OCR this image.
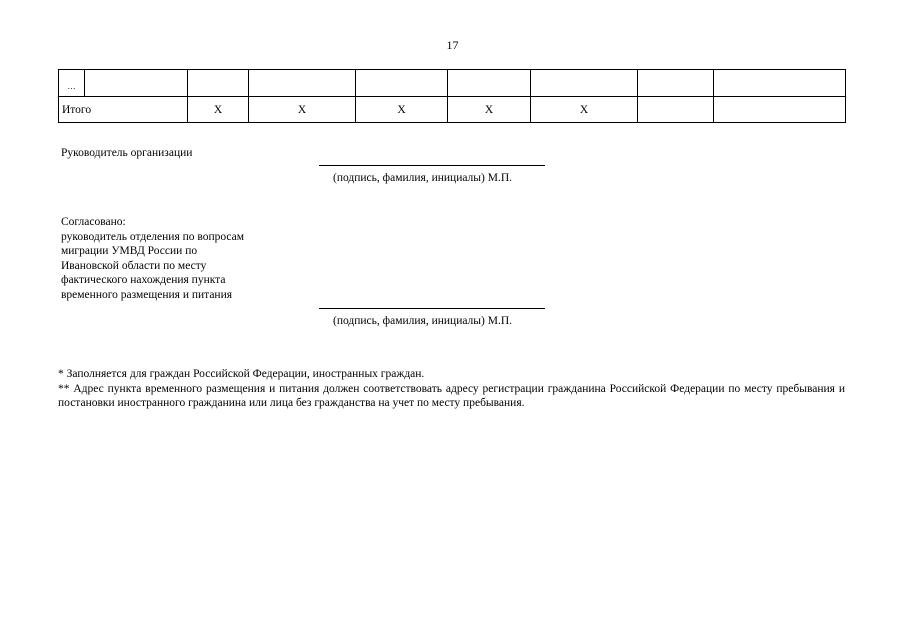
17
…							

Итого	Х	Х	Х	Х	Х		
Руководитель организации
(подпись, фамилия, инициалы) М.П.
Согласовано:
руководитель отделения по вопросам
миграции УМВД России по
Ивановской области по месту
фактического нахождения пункта
временного размещения и питания
(подпись, фамилия, инициалы) М.П.
* Заполняется для граждан Российской Федерации, иностранных граждан.
** Адрес пункта временного размещения и питания должен соответствовать адресу регистрации гражданина Российской Федерации по месту пребывания и постановки иностранного гражданина или лица без гражданства на учет по месту пребывания.
